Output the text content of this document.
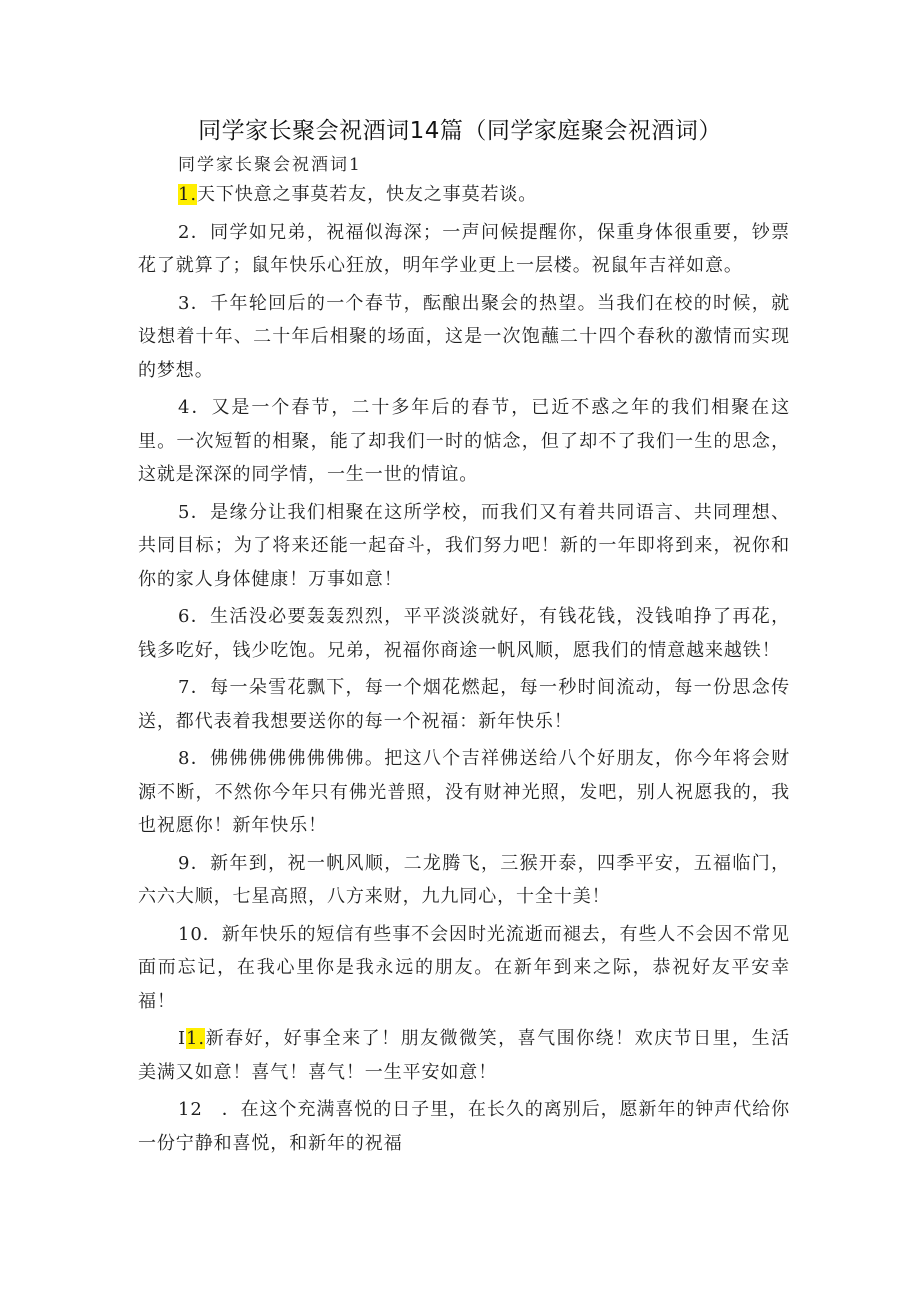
同学家长聚会祝酒词14篇（同学家庭聚会祝酒词）
同学家长聚会祝酒词1

1.天下快意之事莫若友，快友之事莫若谈。

2．同学如兄弟，祝福似海深；一声问候提醒你，保重身体很重要，钞票花了就算了；鼠年快乐心狂放，明年学业更上一层楼。祝鼠年吉祥如意。

3．千年轮回后的一个春节，酝酿出聚会的热望。当我们在校的时候，就设想着十年、二十年后相聚的场面，这是一次饱蘸二十四个春秋的激情而实现的梦想。

4．又是一个春节，二十多年后的春节，已近不惑之年的我们相聚在这里。一次短暂的相聚，能了却我们一时的惦念，但了却不了我们一生的思念，这就是深深的同学情，一生一世的情谊。

5．是缘分让我们相聚在这所学校，而我们又有着共同语言、共同理想、共同目标；为了将来还能一起奋斗，我们努力吧！新的一年即将到来，祝你和你的家人身体健康！万事如意！

6．生活没必要轰轰烈烈，平平淡淡就好，有钱花钱，没钱咱挣了再花，钱多吃好，钱少吃饱。兄弟，祝福你商途一帆风顺，愿我们的情意越来越铁！

7．每一朵雪花飘下，每一个烟花燃起，每一秒时间流动，每一份思念传送，都代表着我想要送你的每一个祝福：新年快乐！

8．佛佛佛佛佛佛佛佛。把这八个吉祥佛送给八个好朋友，你今年将会财源不断，不然你今年只有佛光普照，没有财神光照，发吧，别人祝愿我的，我也祝愿你！新年快乐！

9．新年到，祝一帆风顺，二龙腾飞，三猴开泰，四季平安，五福临门，六六大顺，七星高照，八方来财，九九同心，十全十美！

10．新年快乐的短信有些事不会因时光流逝而褪去，有些人不会因不常见面而忘记，在我心里你是我永远的朋友。在新年到来之际，恭祝好友平安幸福！

I1.新春好，好事全来了！朋友微微笑，喜气围你绕！欢庆节日里，生活美满又如意！喜气！喜气！一生平安如意！

12　．在这个充满喜悦的日子里，在长久的离别后，愿新年的钟声代给你一份宁静和喜悦，和新年的祝福
